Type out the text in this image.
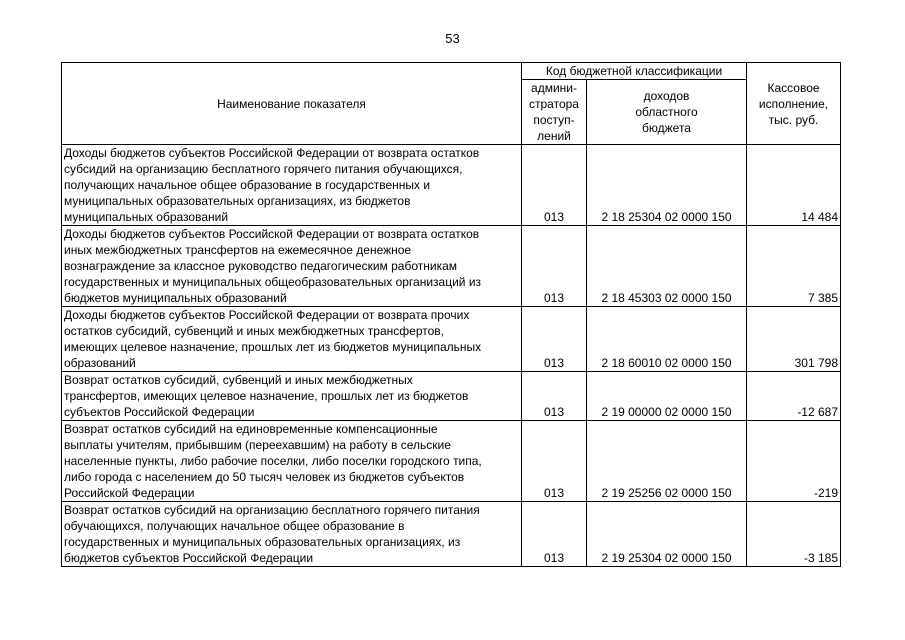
53
Наименование показателя	Код бюджетной классификации		Кассовое
исполнение,
тыс. руб.
	админи-
стратора
поступ-
лений	доходов
областного
бюджета	
Доходы бюджетов субъектов Российской Федерации от возврата остатков
субсидий на организацию бесплатного горячего питания обучающихся,
получающих начальное общее образование в государственных и
муниципальных образовательных организациях, из бюджетов
муниципальных образований	013	2 18 25304 02 0000 150	14 484
Доходы бюджетов субъектов Российской Федерации от возврата остатков
иных межбюджетных трансфертов на ежемесячное денежное
вознаграждение за классное руководство педагогическим работникам
государственных и муниципальных общеобразовательных организаций из
бюджетов муниципальных образований	013	2 18 45303 02 0000 150	7 385
Доходы бюджетов субъектов Российской Федерации от возврата прочих
остатков субсидий, субвенций и иных межбюджетных трансфертов,
имеющих целевое назначение, прошлых лет из бюджетов муниципальных
образований	013	2 18 60010 02 0000 150	301 798
Возврат остатков субсидий, субвенций и иных межбюджетных
трансфертов, имеющих целевое назначение, прошлых лет из бюджетов
субъектов Российской Федерации	013	2 19 00000 02 0000 150	-12 687
Возврат остатков субсидий на единовременные компенсационные
выплаты учителям, прибывшим (переехавшим) на работу в сельские
населенные пункты, либо рабочие поселки, либо поселки городского типа,
либо города с населением до 50 тысяч человек из бюджетов субъектов
Российской Федерации	013	2 19 25256 02 0000 150	-219
Возврат остатков субсидий на организацию бесплатного горячего питания
обучающихся, получающих начальное общее образование в
государственных и муниципальных образовательных организациях, из
бюджетов субъектов Российской Федерации	013	2 19 25304 02 0000 150	-3 185
